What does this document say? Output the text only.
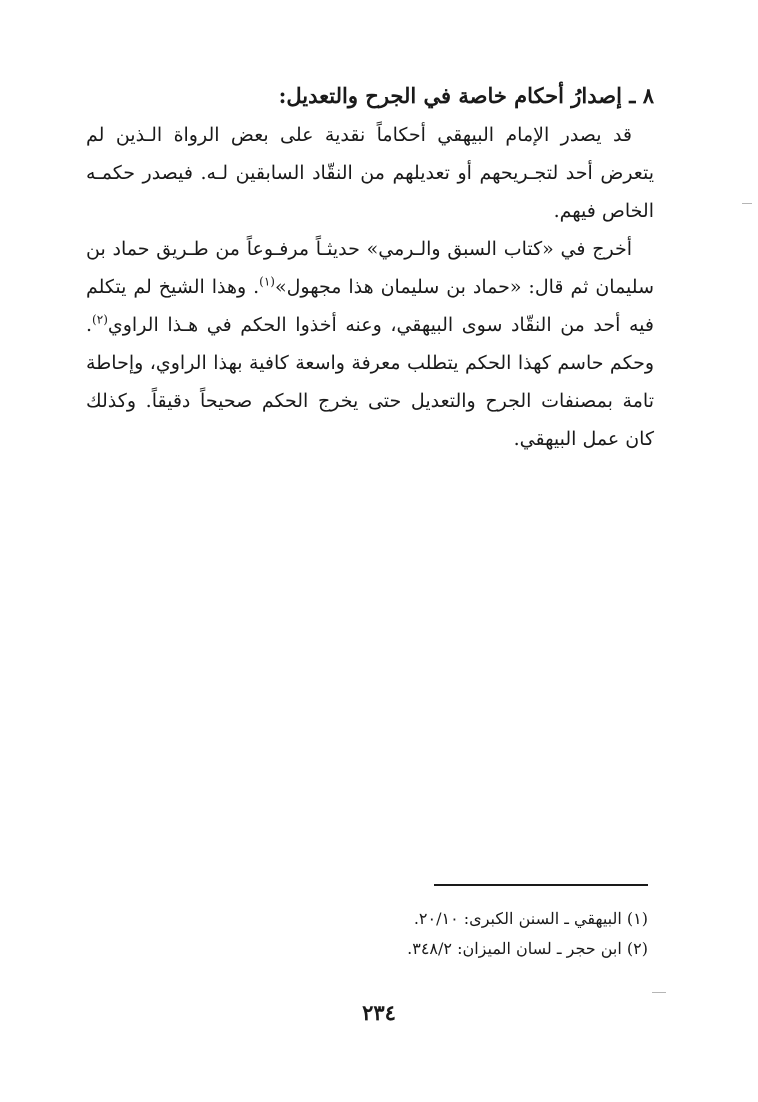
٨ ـ إصدارُ أحكام خاصة في الجرح والتعديل:

قد يصدر الإمام البيهقي أحكاماً نقدية على بعض الرواة الـذين لم يتعرض أحد لتجـريحهم أو تعديلهم من النقّاد السابقين لـه. فيصدر حكمـه الخاص فيهم.

أخرج في «كتاب السبق والـرمي» حديثـاً مرفـوعاً من طـريق حماد بن سليمان ثم قال: «حماد بن سليمان هذا مجهول»$^{(١)}$. وهذا الشيخ لم يتكلم فيه أحد من النقّاد سوى البيهقي، وعنه أخذوا الحكم في هـذا الراوي$^{(٢)}$. وحكم حاسم كهذا الحكم يتطلب معرفة واسعة كافية بهذا الراوي، وإحاطة تامة بمصنفات الجرح والتعديل حتى يخرج الحكم صحيحاً دقيقاً. وكذلك كان عمل البيهقي.

(١) البيهقي ـ السنن الكبرى: ٢٠/١٠.

(٢) ابن حجر ـ لسان الميزان: ٣٤٨/٢.

٢٣٤
